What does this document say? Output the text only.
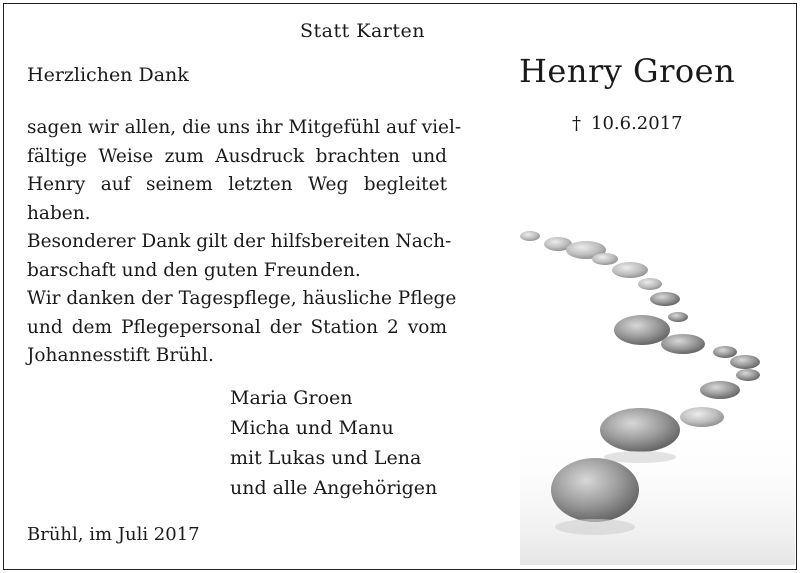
Statt Karten
Herzlichen Dank
sagen wir allen, die uns ihr Mitgefühl auf viel-
fältige Weise zum Ausdruck brachten und
Henry auf seinem letzten Weg begleitet
haben.
Besonderer Dank gilt der hilfsbereiten Nach-
barschaft und den guten Freunden.
Wir danken der Tagespflege, häusliche Pflege
und dem Pflegepersonal der Station 2 vom
Johannesstift Brühl.
Maria Groen
Micha und Manu
mit Lukas und Lena
und alle Angehörigen
Brühl, im Juli 2017
Henry Groen
† 10.6.2017
